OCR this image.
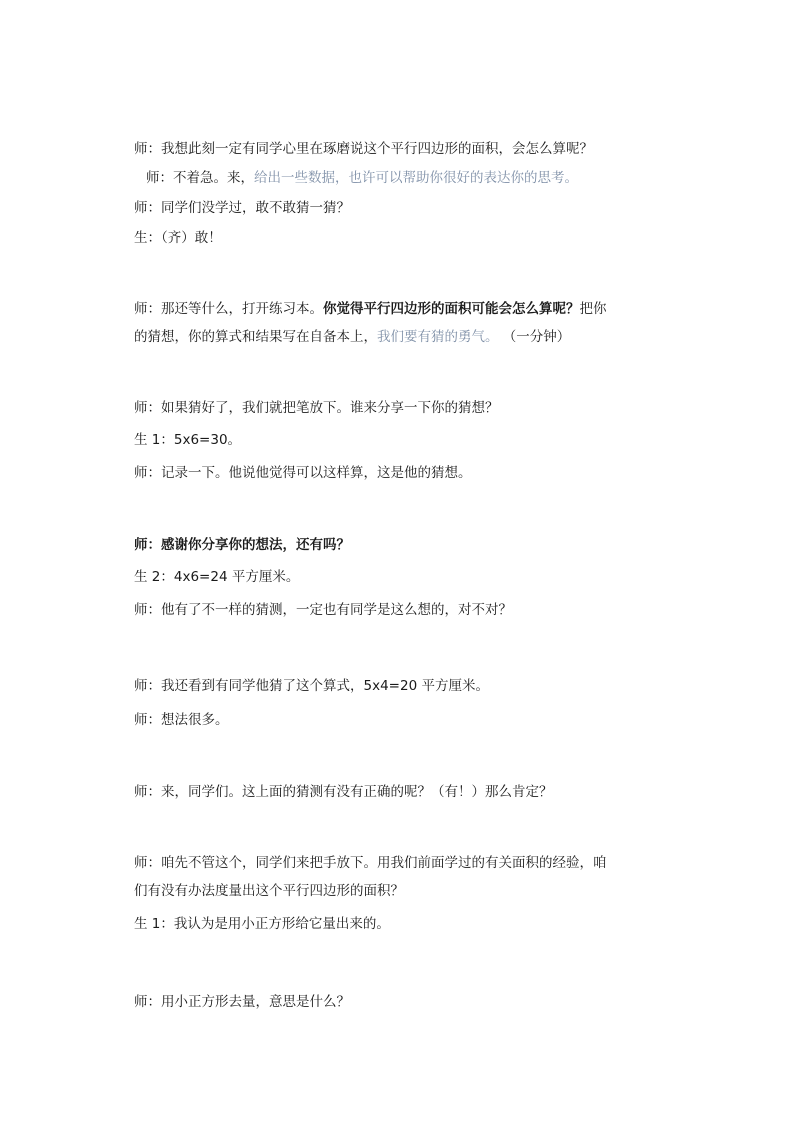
师：我想此刻一定有同学心里在琢磨说这个平行四边形的面积，会怎么算呢？
师：不着急。来，给出一些数据，也许可以帮助你很好的表达你的思考。
师：同学们没学过，敢不敢猜一猜？
生：（齐）敢！
师：那还等什么，打开练习本。你觉得平行四边形的面积可能会怎么算呢？把你
的猜想，你的算式和结果写在自备本上，我们要有猜的勇气。 （一分钟）
师：如果猜好了，我们就把笔放下。谁来分享一下你的猜想？
生 1：5x6=30。
师：记录一下。他说他觉得可以这样算，这是他的猜想。
师：感谢你分享你的想法，还有吗？
生 2：4x6=24 平方厘米。
师：他有了不一样的猜测，一定也有同学是这么想的，对不对？
师：我还看到有同学他猜了这个算式，5x4=20 平方厘米。
师：想法很多。
师：来，同学们。这上面的猜测有没有正确的呢？（有！）那么肯定？
师：咱先不管这个，同学们来把手放下。用我们前面学过的有关面积的经验，咱
们有没有办法度量出这个平行四边形的面积？
生 1：我认为是用小正方形给它量出来的。
师：用小正方形去量，意思是什么？
